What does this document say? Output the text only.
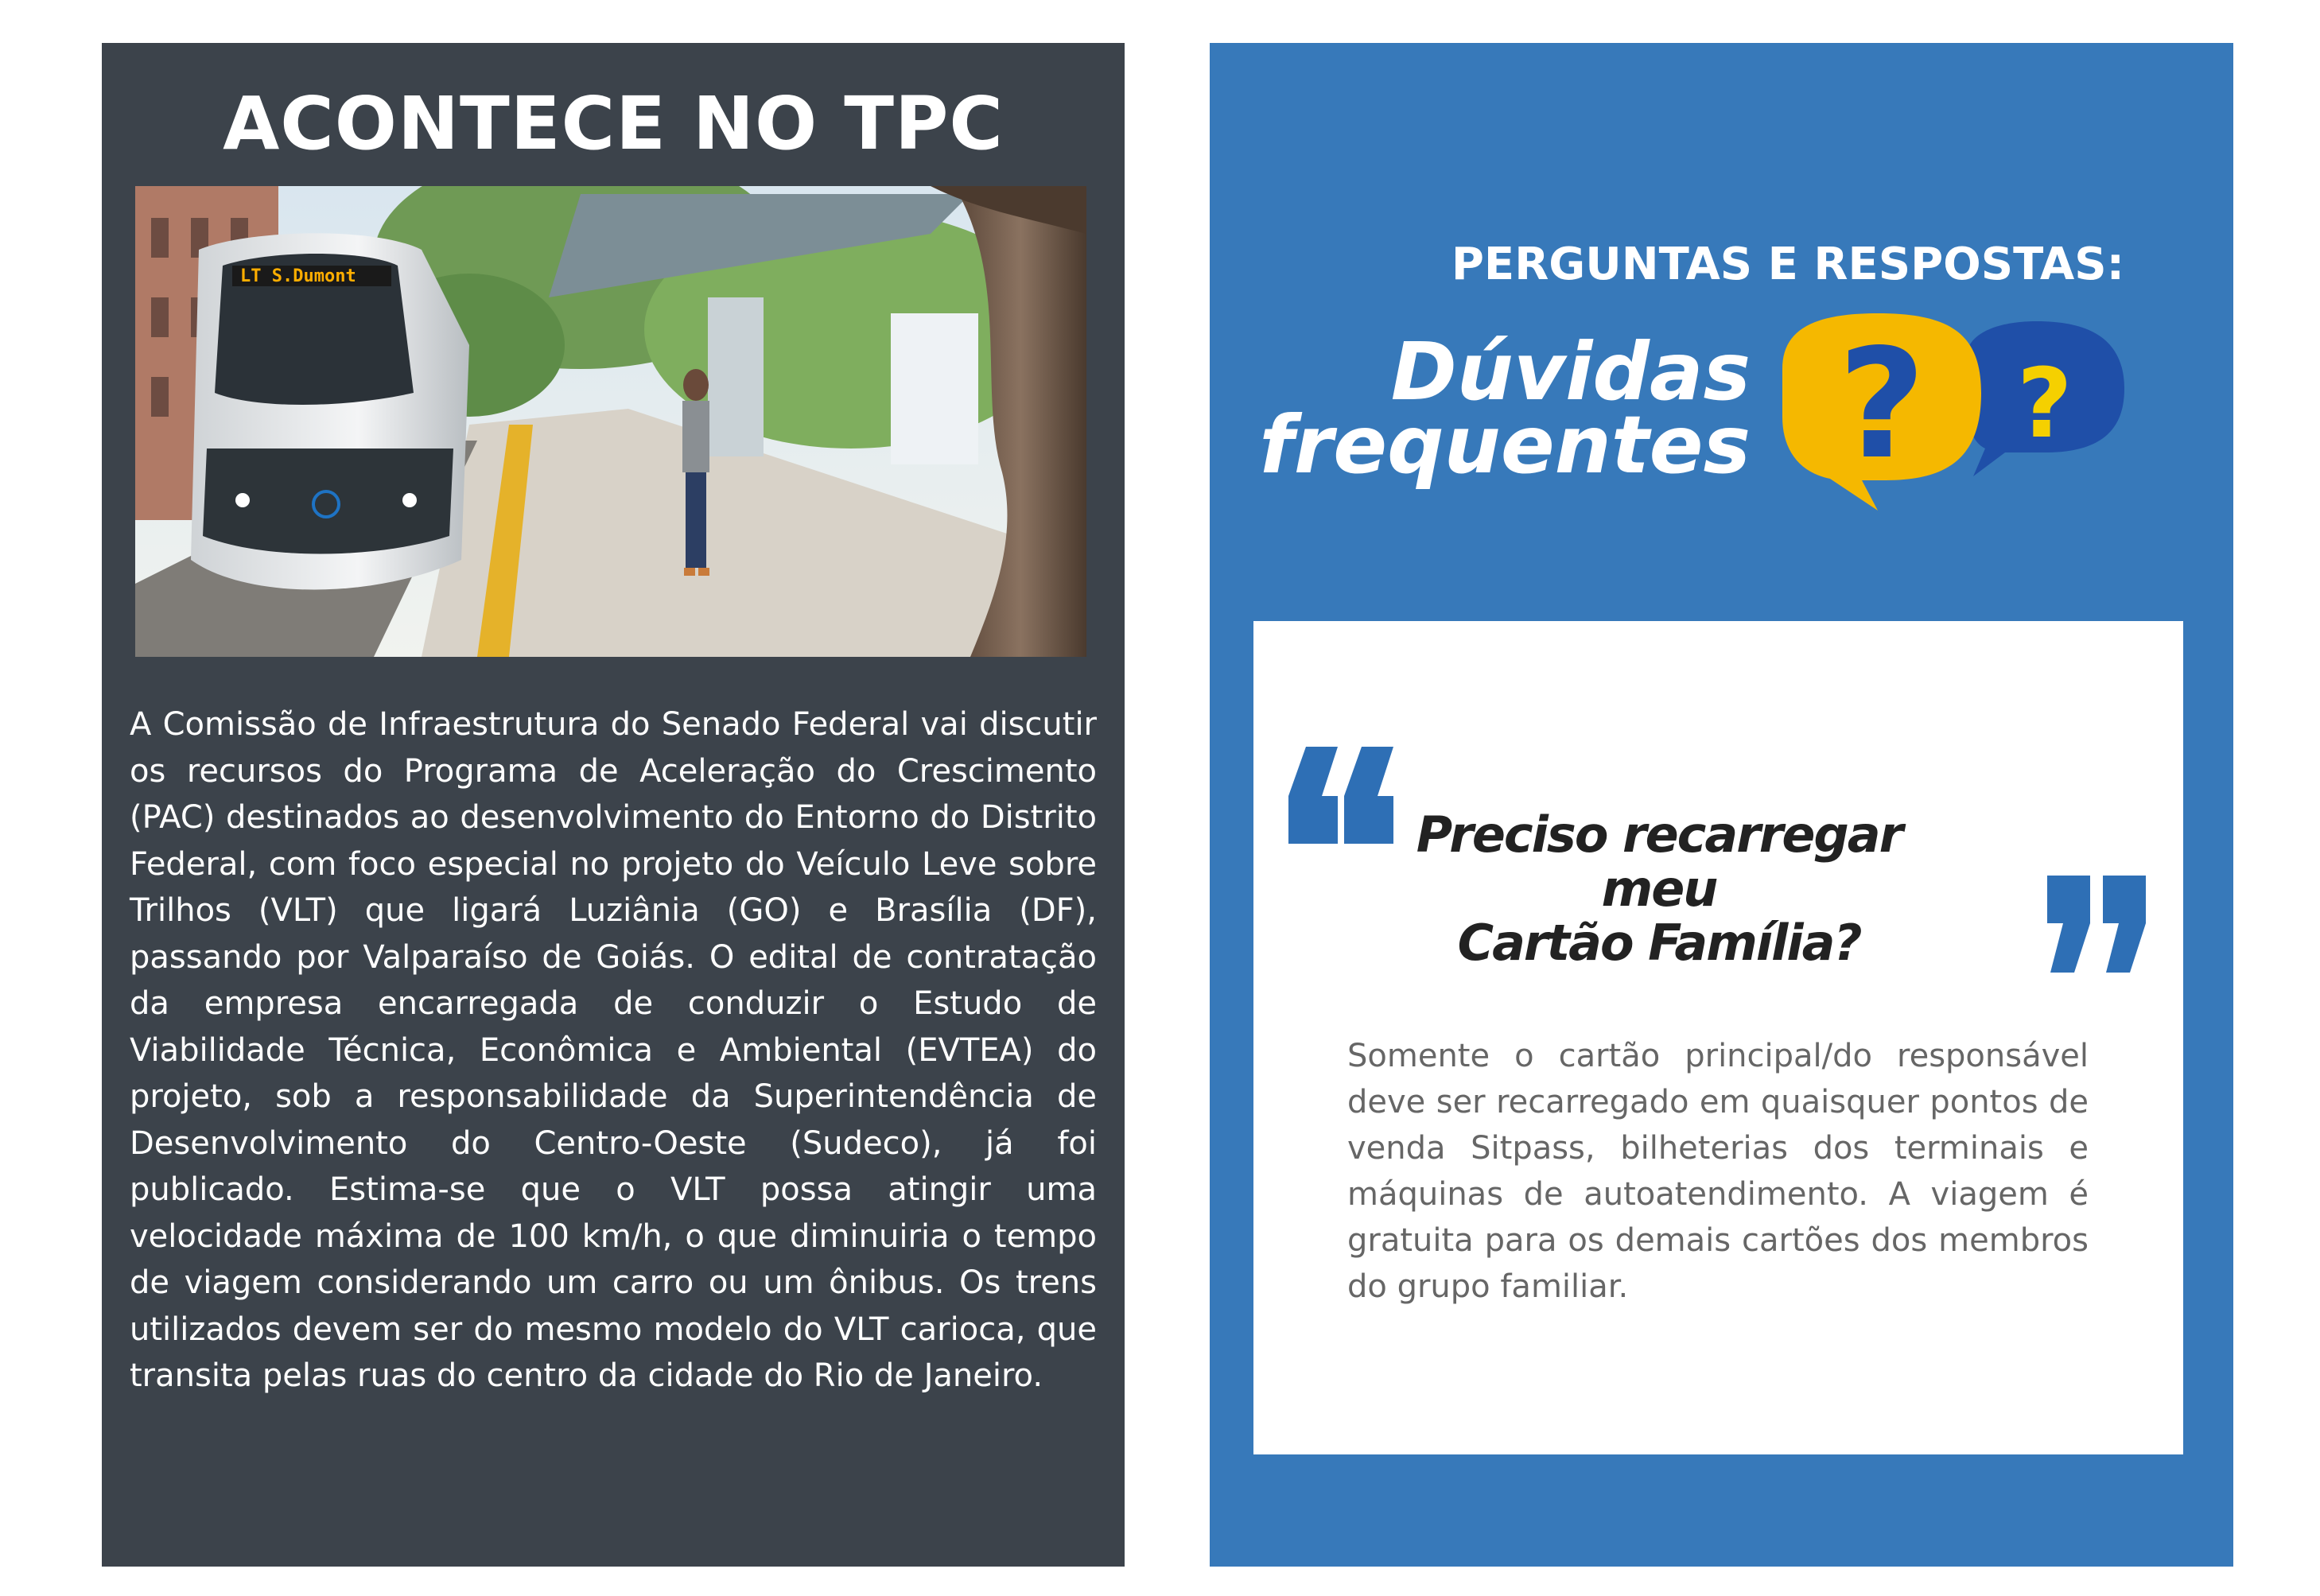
ACONTECE NO TPC
LT S.Dumont
A Comissão de Infraestrutura do Senado Federal vai discutir os recursos do Programa de Aceleração do Crescimento (PAC) destinados ao desenvolvimento do Entorno do Distrito Federal, com foco especial no projeto do Veículo Leve sobre Trilhos (VLT) que ligará Luziânia (GO) e Brasília (DF), passando por Valparaíso de Goiás. O edital de contratação da empresa encarregada de conduzir o Estudo de Viabilidade Técnica, Econômica e Ambiental (EVTEA) do projeto, sob a responsabilidade da Superintendência de Desenvolvimento do Centro-Oeste (Sudeco), já foi publicado. Estima-se que o VLT possa atingir uma velocidade máxima de 100 km/h, o que diminuiria o tempo de viagem considerando um carro ou um ônibus. Os trens utilizados devem ser do mesmo modelo do VLT carioca, que transita pelas ruas do centro da cidade do Rio de Janeiro.
PERGUNTAS E RESPOSTAS:
Dúvidas
frequentes	?
?
Preciso recarregar meu
Cartão Família?
Somente o cartão principal/do responsável deve ser recarregado em quaisquer pontos de venda Sitpass, bilheterias dos terminais e máquinas de autoatendimento. A viagem é gratuita para os demais cartões dos membros do grupo familiar.
